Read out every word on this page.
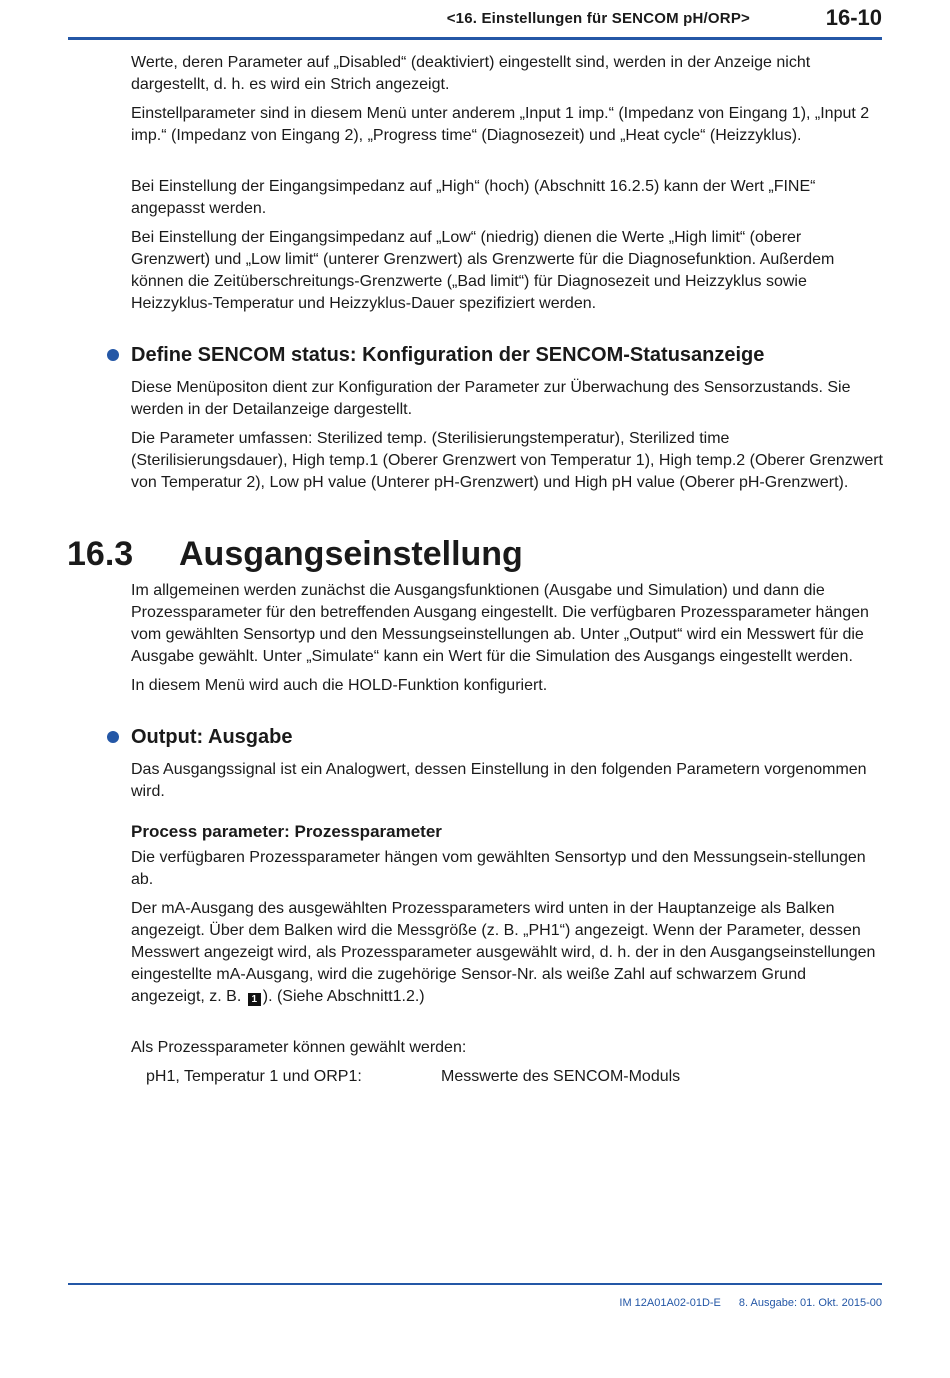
<16. Einstellungen für SENCOM pH/ORP>	16-10

Werte, deren Parameter auf „Disabled“ (deaktiviert) eingestellt sind, werden in der Anzeige nicht dargestellt, d. h. es wird ein Strich angezeigt.

Einstellparameter sind in diesem Menü unter anderem „Input 1 imp.“ (Impedanz von Eingang 1), „Input 2 imp.“ (Impedanz von Eingang 2), „Progress time“ (Diagnosezeit) und „Heat cycle“ (Heizzyklus).

Bei Einstellung der Eingangsimpedanz auf „High“ (hoch) (Abschnitt 16.2.5) kann der Wert „FINE“ angepasst werden.

Bei Einstellung der Eingangsimpedanz auf „Low“ (niedrig) dienen die Werte „High limit“ (oberer Grenzwert) und „Low limit“ (unterer Grenzwert) als Grenzwerte für die Diagnosefunktion. Außerdem können die Zeitüberschreitungs-Grenzwerte („Bad limit“) für Diagnosezeit und Heizzyklus sowie Heizzyklus-Temperatur und Heizzyklus-Dauer spezifiziert werden.

Define SENCOM status: Konfiguration der SENCOM-Statusanzeige

Diese Menüpositon dient zur Konfiguration der Parameter zur Überwachung des Sensorzustands. Sie werden in der Detailanzeige dargestellt.

Die Parameter umfassen: Sterilized temp. (Sterilisierungstemperatur), Sterilized time (Sterilisierungsdauer), High temp.1 (Oberer Grenzwert von Temperatur 1), High temp.2 (Oberer Grenzwert von Temperatur 2), Low pH value (Unterer pH-Grenzwert) und High pH value (Oberer pH-Grenzwert).

16.3 Ausgangseinstellung

Im allgemeinen werden zunächst die Ausgangsfunktionen (Ausgabe und Simulation) und dann die Prozessparameter für den betreffenden Ausgang eingestellt. Die verfügbaren Prozessparameter hängen vom gewählten Sensortyp und den Messungseinstellungen ab. Unter „Output“ wird ein Messwert für die Ausgabe gewählt. Unter „Simulate“ kann ein Wert für die Simulation des Ausgangs eingestellt werden.

In diesem Menü wird auch die HOLD-Funktion konfiguriert.

Output: Ausgabe

Das Ausgangssignal ist ein Analogwert, dessen Einstellung in den folgenden Parametern vorgenommen wird.

Process parameter: Prozessparameter

Die verfügbaren Prozessparameter hängen vom gewählten Sensortyp und den Messungsein-stellungen ab.

Der mA-Ausgang des ausgewählten Prozessparameters wird unten in der Hauptanzeige als Balken angezeigt. Über dem Balken wird die Messgröße (z. B. „PH1“) angezeigt. Wenn der Parameter, dessen Messwert angezeigt wird, als Prozessparameter ausgewählt wird, d. h. der in den Ausgangseinstellungen eingestellte mA-Ausgang, wird die zugehörige Sensor-Nr. als weiße Zahl auf schwarzem Grund angezeigt, z. B. 1 ). (Siehe Abschnitt1.2.)

Als Prozessparameter können gewählt werden:

pH1, Temperatur 1 und ORP1:	Messwerte des SENCOM-Moduls
IM 12A01A02-01D-E 8. Ausgabe: 01. Okt. 2015-00
